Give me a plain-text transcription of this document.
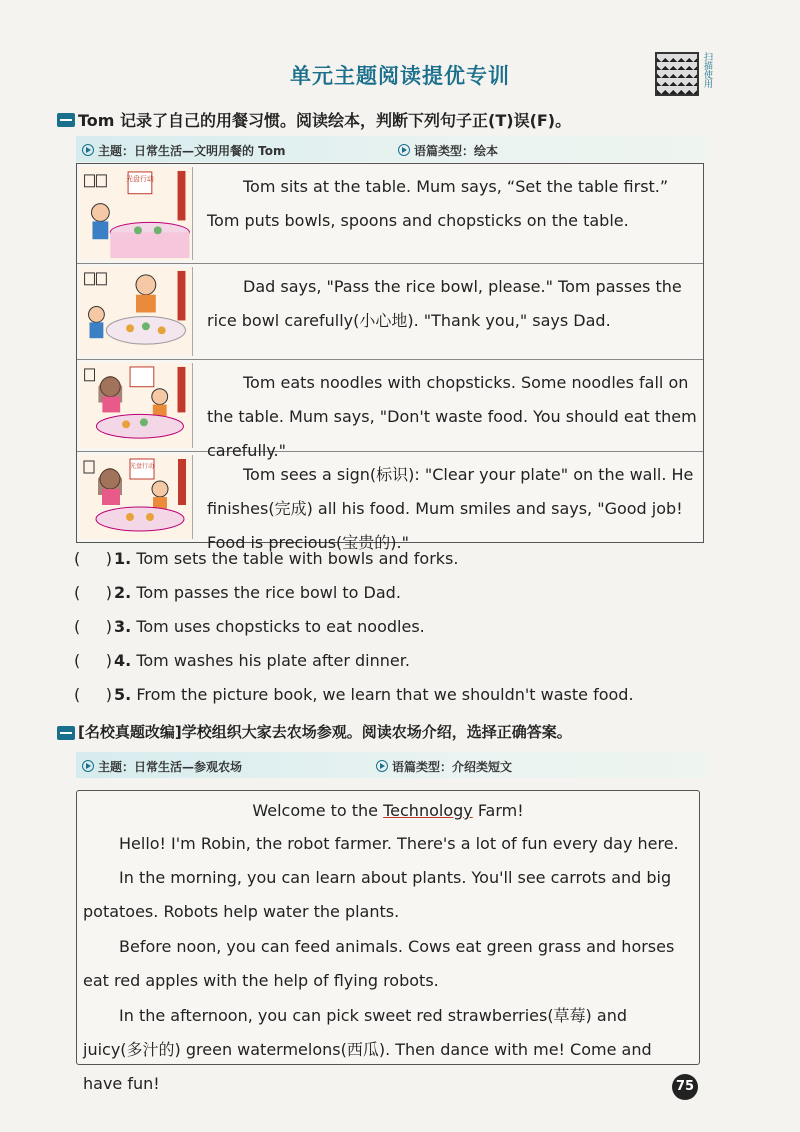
单元主题阅读提优专训	扫描使用
Tom 记录了自己的用餐习惯。阅读绘本，判断下列句子正(T)误(F)。
主题：日常生活—文明用餐的 Tom	语篇类型：绘本
光盘行动	Tom sits at the table. Mum says, “Set the table first.” Tom puts bowls, spoons and chopsticks on the table.
Dad says, "Pass the rice bowl, please." Tom passes the rice bowl carefully(小心地). "Thank you," says Dad.
Tom eats noodles with chopsticks. Some noodles fall on the table. Mum says, "Don't waste food. You should eat them carefully."
光盘行动	Tom sees a sign(标识): "Clear your plate" on the wall. He finishes(完成) all his food. Mum smiles and says, "Good job! Food is precious(宝贵的)."
( ) 1. Tom sets the table with bowls and forks.
( ) 2. Tom passes the rice bowl to Dad.
( ) 3. Tom uses chopsticks to eat noodles.
( ) 4. Tom washes his plate after dinner.
( ) 5. From the picture book, we learn that we shouldn't waste food.
[名校真题改编]学校组织大家去农场参观。阅读农场介绍，选择正确答案。
主题：日常生活—参观农场	语篇类型：介绍类短文
Welcome to the Technology Farm!
Hello! I'm Robin, the robot farmer. There's a lot of fun every day here.
In the morning, you can learn about plants. You'll see carrots and big potatoes. Robots help water the plants.
Before noon, you can feed animals. Cows eat green grass and horses eat red apples with the help of flying robots.
In the afternoon, you can pick sweet red strawberries(草莓) and juicy(多汁的) green watermelons(西瓜). Then dance with me! Come and have fun!	75
